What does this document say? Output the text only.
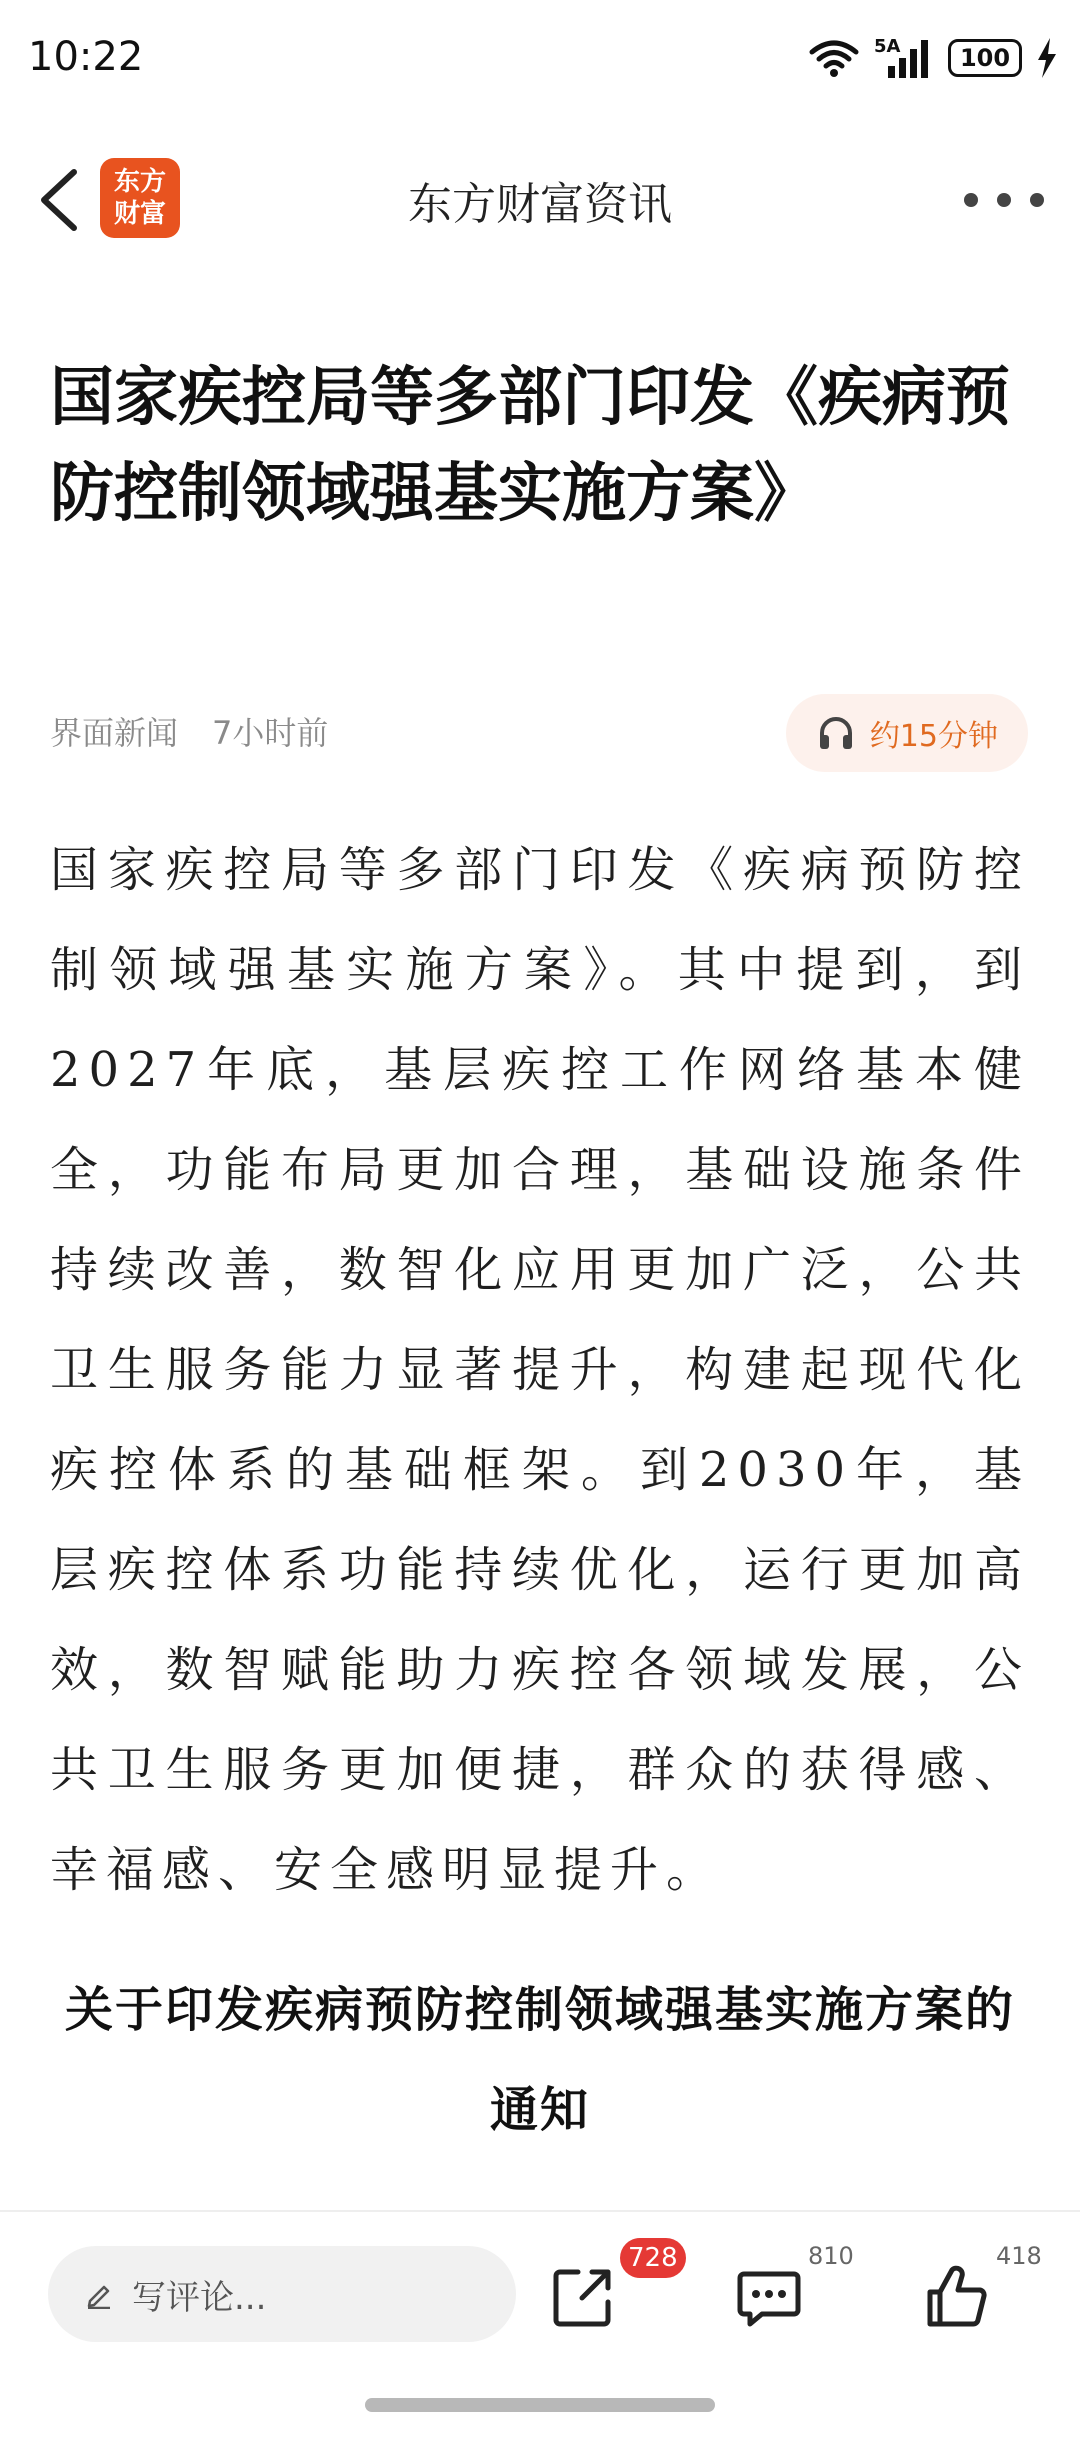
10:22	5A	100
东方
财富	东方财富资讯
国家疾控局等多部门印发《疾病预防控制领域强基实施方案》
界面新闻 7小时前	约15分钟

国家疾控局等多部门印发《疾病预防控制领域强基实施方案》。其中提到，到2027年底，基层疾控工作网络基本健全，功能布局更加合理，基础设施条件持续改善，数智化应用更加广泛，公共卫生服务能力显著提升，构建起现代化疾控体系的基础框架。到2030年，基层疾控体系功能持续优化，运行更加高效，数智赋能助力疾控各领域发展，公共卫生服务更加便捷，群众的获得感、幸福感、安全感明显提升。

关于印发疾病预防控制领域强基实施方案的通知
写评论...
728	810	418
